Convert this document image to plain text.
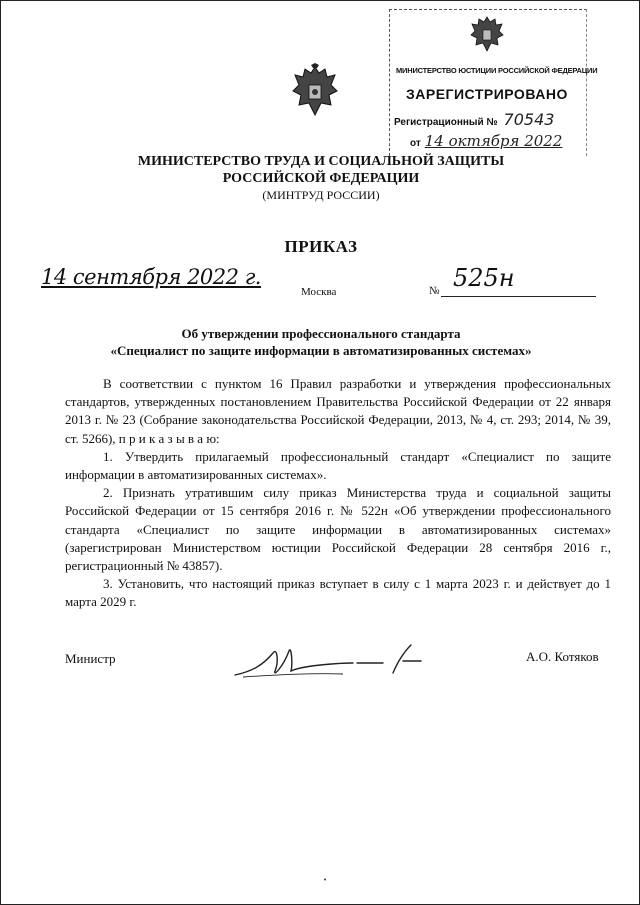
МИНИСТЕРСТВО ЮСТИЦИИ РОССИЙСКОЙ ФЕДЕРАЦИИ
ЗАРЕГИСТРИРОВАНО
Регистрационный № 70543
от 14 октября 2022
МИНИСТЕРСТВО ТРУДА И СОЦИАЛЬНОЙ ЗАЩИТЫ
РОССИЙСКОЙ ФЕДЕРАЦИИ
(МИНТРУД РОССИИ)
ПРИКАЗ
14 сентября 2022 г.
Москва	№ 525н
Об утверждении профессионального стандарта
«Специалист по защите информации в автоматизированных системах»

В соответствии с пунктом 16 Правил разработки и утверждения профессиональных стандартов, утвержденных постановлением Правительства Российской Федерации от 22 января 2013 г. № 23 (Собрание законодательства Российской Федерации, 2013, № 4, ст. 293; 2014, № 39, ст. 5266), п р и к а з ы в а ю:

1. Утвердить прилагаемый профессиональный стандарт «Специалист по защите информации в автоматизированных системах».

2. Признать утратившим силу приказ Министерства труда и социальной защиты Российской Федерации от 15 сентября 2016 г. № 522н «Об утверждении профессионального стандарта «Специалист по защите информации в автоматизированных системах» (зарегистрирован Министерством юстиции Российской Федерации 28 сентября 2016 г., регистрационный № 43857).

3. Установить, что настоящий приказ вступает в силу с 1 марта 2023 г. и действует до 1 марта 2029 г.

Министр	А.О. Котяков
